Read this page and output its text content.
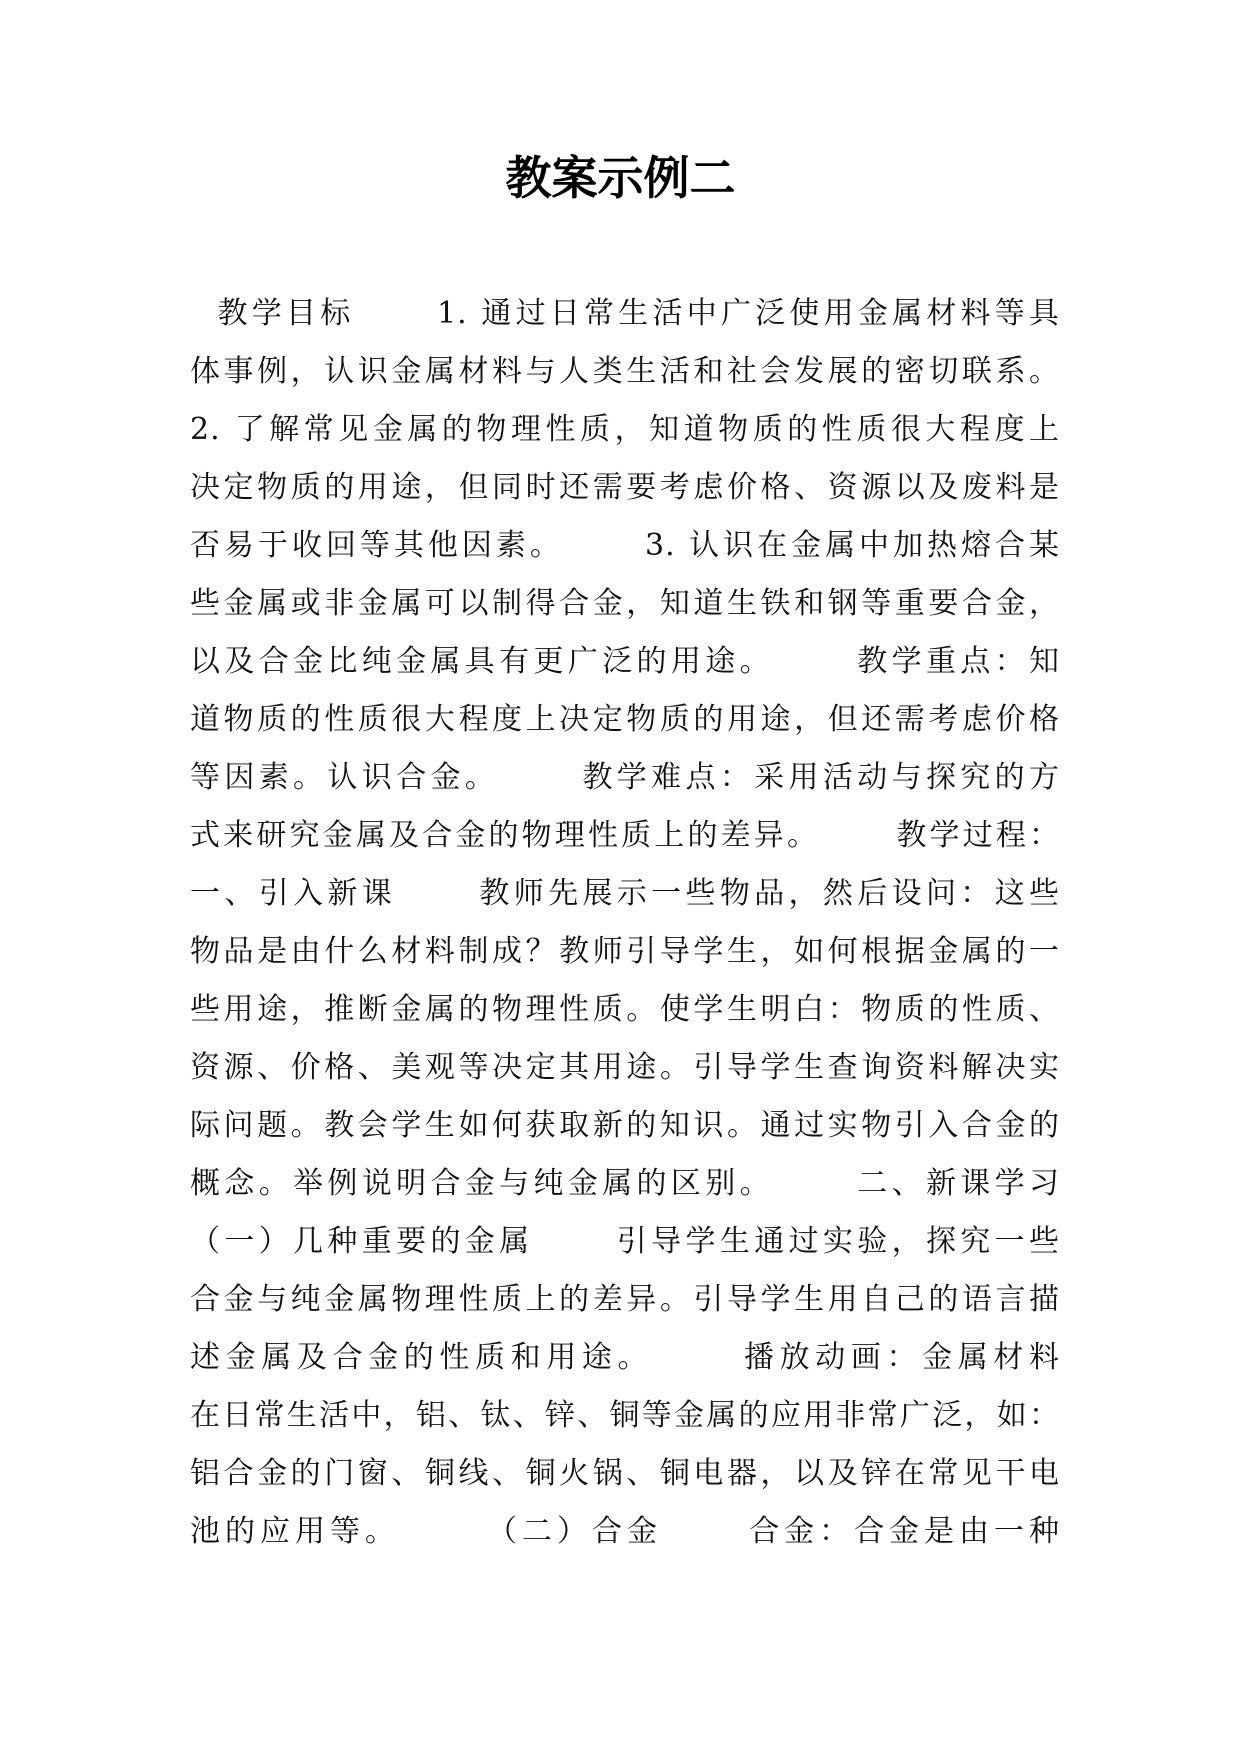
教案示例二
教学目标      1. 通过日常生活中广泛使用金属材料等具
体事例，认识金属材料与人类生活和社会发展的密切联系。
2. 了解常见金属的物理性质，知道物质的性质很大程度上
决定物质的用途，但同时还需要考虑价格、资源以及废料是
否易于收回等其他因素。      3. 认识在金属中加热熔合某
些金属或非金属可以制得合金，知道生铁和钢等重要合金，
以及合金比纯金属具有更广泛的用途。      教学重点：知
道物质的性质很大程度上决定物质的用途，但还需考虑价格
等因素。认识合金。      教学难点：采用活动与探究的方
式来研究金属及合金的物理性质上的差异。      教学过程：
一、引入新课      教师先展示一些物品，然后设问：这些
物品是由什么材料制成？教师引导学生，如何根据金属的一
些用途，推断金属的物理性质。使学生明白：物质的性质、
资源、价格、美观等决定其用途。引导学生查询资料解决实
际问题。教会学生如何获取新的知识。通过实物引入合金的
概念。举例说明合金与纯金属的区别。      二、新课学习
（一）几种重要的金属      引导学生通过实验，探究一些
合金与纯金属物理性质上的差异。引导学生用自己的语言描
述金属及合金的性质和用途。      播放动画：金属材料
在日常生活中，铝、钛、锌、铜等金属的应用非常广泛，如：
铝合金的门窗、铜线、铜火锅、铜电器，以及锌在常见干电
池的应用等。      （二）合金      合金：合金是由一种
